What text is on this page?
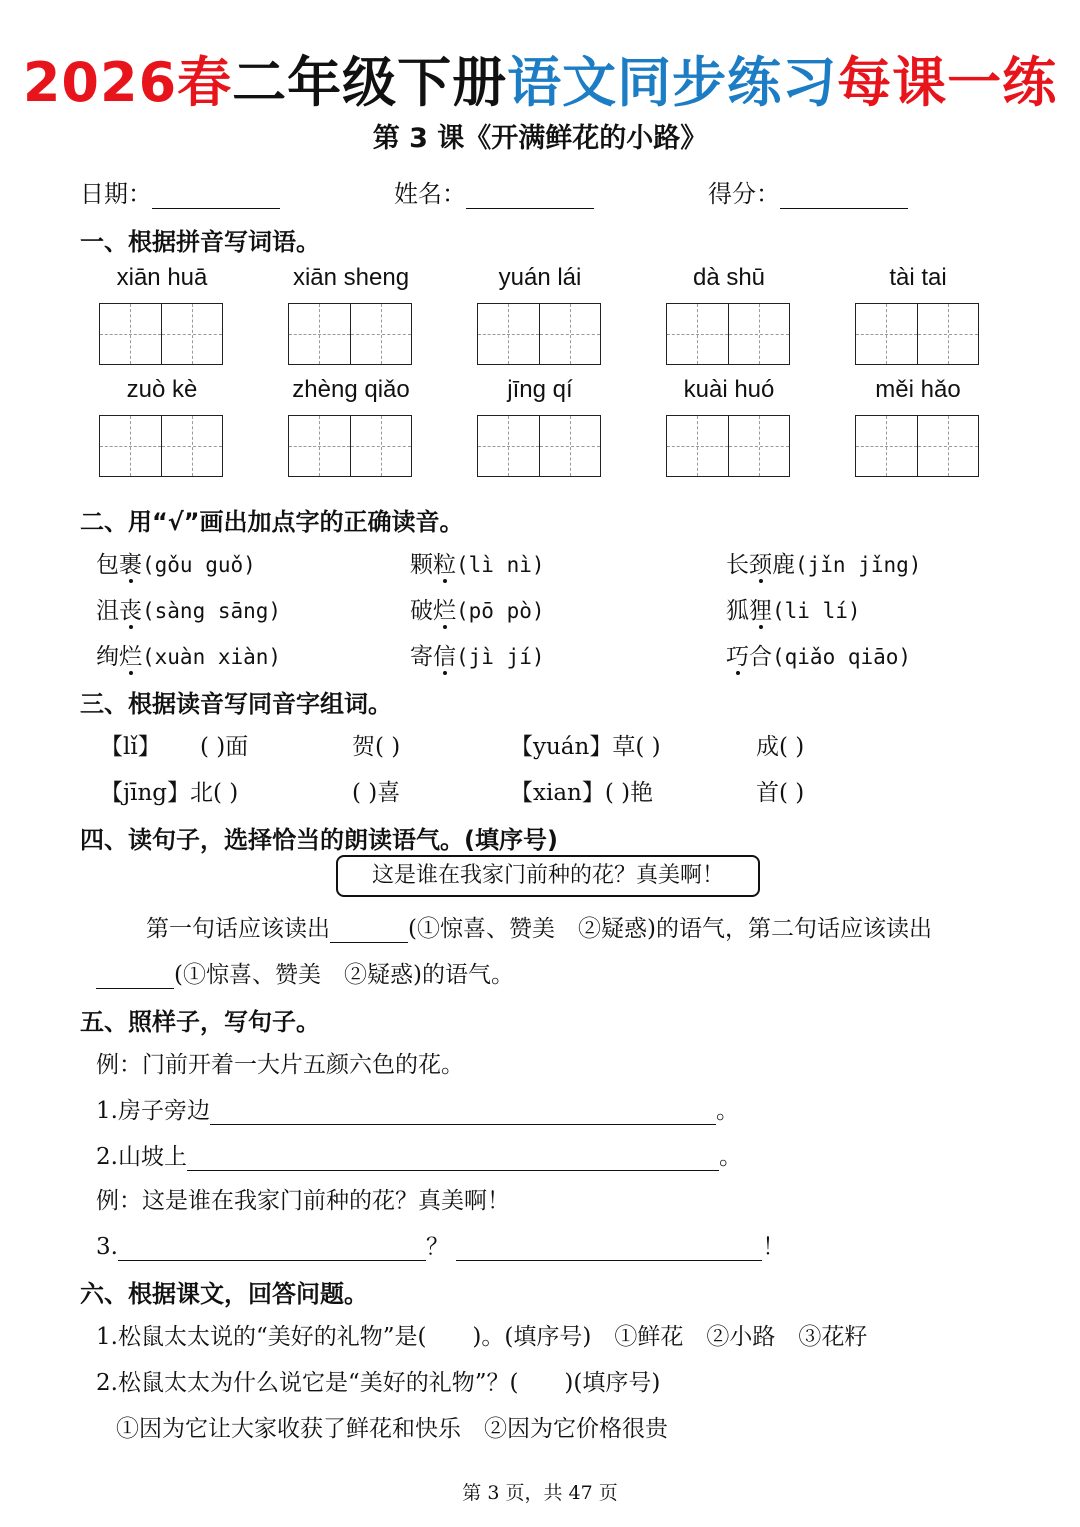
2026春二年级下册语文同步练习每课一练
第 3 课《开满鲜花的小路》
日期：	姓名：	得分：
一、根据拼音写词语。
xiān huā	xiān sheng	yuán lái	dà shū	tài tai
zuò kè	zhèng qiǎo	jīng qí	kuài huó	měi hǎo
二、用“√”画出加点字的正确读音。
包裹(gǒu guǒ)	颗粒(lì nì)	长颈鹿(jǐn jǐng)
沮丧(sàng sāng)	破烂(pō pò)	狐狸(li lí)
绚烂(xuàn xiàn)	寄信(jì jí)	巧合(qiǎo qiāo)
三、根据读音写同音字组词。
【lǐ】 ( )面	贺( )	【yuán】草( )	成( )
【jīng】北( )	( )喜	【xian】( )艳	首( )
四、读句子，选择恰当的朗读语气。(填序号)
这是谁在我家门前种的花？真美啊！
第一句话应该读出	(①惊喜、赞美　②疑惑)的语气，第二句话应该读出
(①惊喜、赞美　②疑惑)的语气。
五、照样子，写句子。
例：门前开着一大片五颜六色的花。
1.房子旁边	。
2.山坡上	。
例：这是谁在我家门前种的花？真美啊！
3.	？	！
六、根据课文，回答问题。
1.松鼠太太说的“美好的礼物”是(　　)。(填序号)　①鲜花　②小路　③花籽
2.松鼠太太为什么说它是“美好的礼物”？(　　)(填序号)
①因为它让大家收获了鲜花和快乐　②因为它价格很贵
第 3 页，共 47 页
